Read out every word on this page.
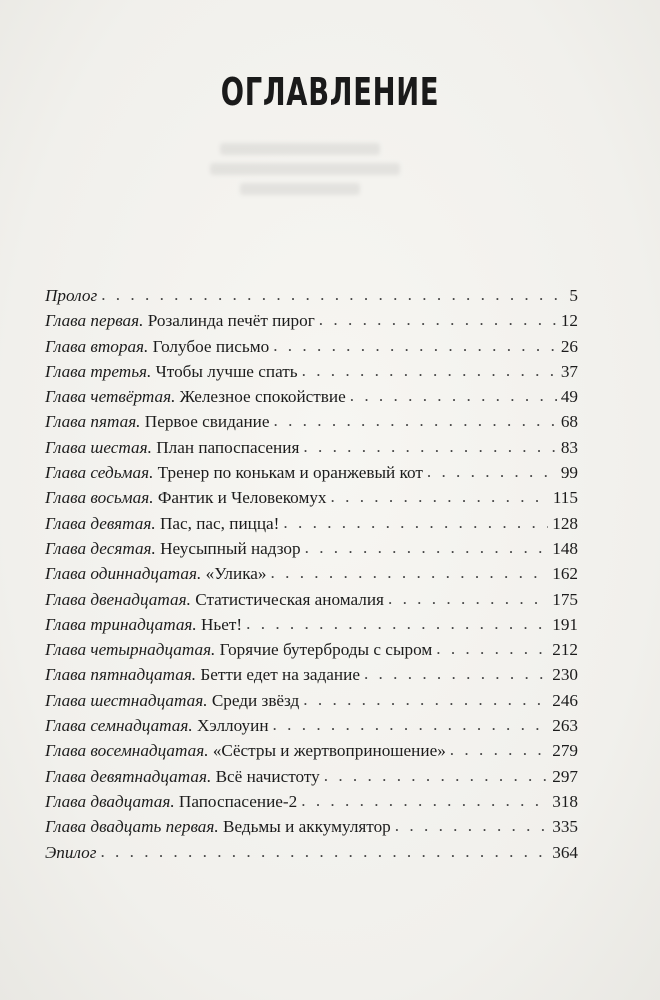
ОГЛАВЛЕНИЕ
Пролог . . .	5
Глава первая. Розалинда печёт пирог . . .	12
Глава вторая. Голубое письмо . . .	26
Глава третья. Чтобы лучше спать . . .	37
Глава четвёртая. Железное спокойствие . . .	49
Глава пятая. Первое свидание . . .	68
Глава шестая. План папоспасения . . .	83
Глава седьмая. Тренер по конькам и оранжевый кот . . .	99
Глава восьмая. Фантик и Человекомух . . .	115
Глава девятая. Пас, пас, пицца! . . .	128
Глава десятая. Неусыпный надзор . . .	148
Глава одиннадцатая. «Улика» . . .	162
Глава двенадцатая. Статистическая аномалия . . .	175
Глава тринадцатая. Ньет! . . .	191
Глава четырнадцатая. Горячие бутерброды с сыром . . .	212
Глава пятнадцатая. Бетти едет на задание . . .	230
Глава шестнадцатая. Среди звёзд . . .	246
Глава семнадцатая. Хэллоуин . . .	263
Глава восемнадцатая. «Сёстры и жертвоприношение» . . .	279
Глава девятнадцатая. Всё начистоту . . .	297
Глава двадцатая. Папоспасение-2 . . .	318
Глава двадцать первая. Ведьмы и аккумулятор . . .	335
Эпилог . . .	364
